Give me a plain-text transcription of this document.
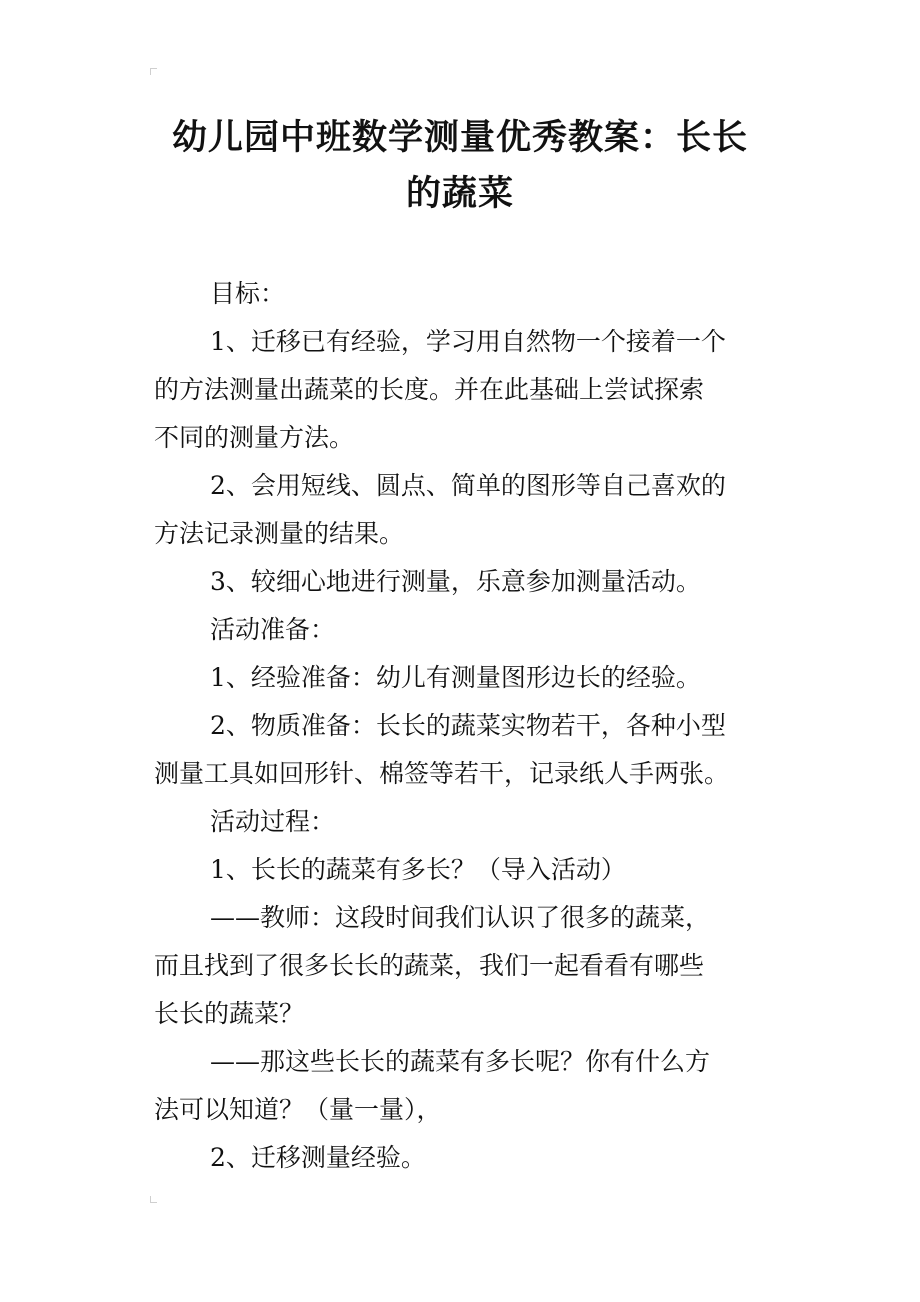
幼儿园中班数学测量优秀教案：长长
的蔬菜

目标：

1、迁移已有经验，学习用自然物一个接着一个
的方法测量出蔬菜的长度。并在此基础上尝试探索
不同的测量方法。

2、会用短线、圆点、简单的图形等自己喜欢的
方法记录测量的结果。

3、较细心地进行测量，乐意参加测量活动。

活动准备：

1、经验准备：幼儿有测量图形边长的经验。

2、物质准备：长长的蔬菜实物若干，各种小型
测量工具如回形针、棉签等若干，记录纸人手两张。

活动过程：

1、长长的蔬菜有多长？（导入活动）

——教师：这段时间我们认识了很多的蔬菜，
而且找到了很多长长的蔬菜，我们一起看看有哪些
长长的蔬菜？

——那这些长长的蔬菜有多长呢？你有什么方
法可以知道？（量一量），

2、迁移测量经验。
